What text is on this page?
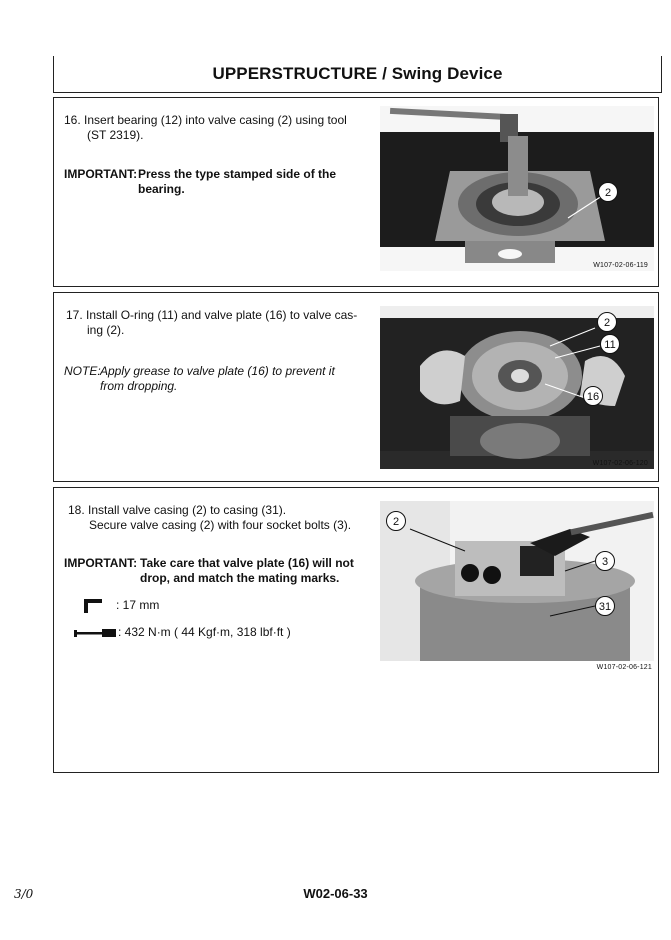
UPPERSTRUCTURE / Swing Device
16. Insert bearing (12) into valve casing (2) using tool
(ST 2319).
IMPORTANT: Press the type stamped side of the
bearing.	2
W107-02-06-119
17. Install O-ring (11) and valve plate (16) to valve cas-
ing (2).
NOTE: Apply grease to valve plate (16) to prevent it
from dropping.
2
11
16
W107-02-06-120
18. Install valve casing (2) to casing (31).
Secure valve casing (2) with four socket bolts (3).
IMPORTANT: Take care that valve plate (16) will not
drop, and match the mating marks.
: 17 mm
: 432 N·m ( 44 Kgf·m, 318 lbf·ft )
2
3
31
W107-02-06-121
3/0	W02-06-33
